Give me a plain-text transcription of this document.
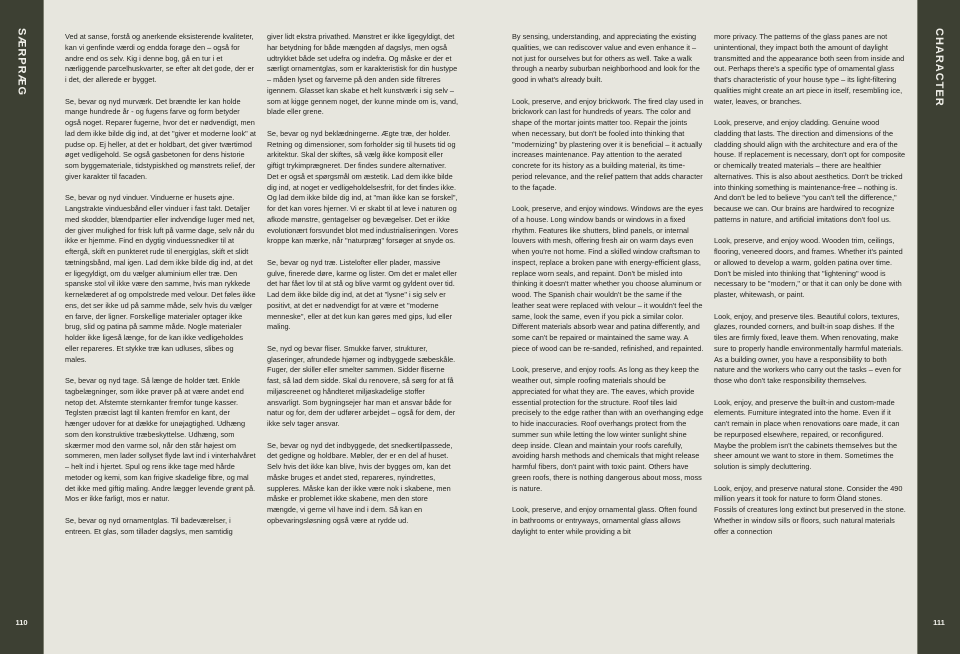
SÆRPRÆG
110

Ved at sanse, forstå og anerkende eksisterende kvaliteter, kan vi genfinde værdi og endda forøge den – også for andre end os selv. Kig i denne bog, gå en tur i et nærliggende parcelhuskvarter, se efter alt det gode, der er i det, der allerede er bygget.

Se, bevar og nyd murværk. Det brændte ler kan holde mange hundrede år - og fugens farve og form betyder også noget. Reparer fugerne, hvor det er nødvendigt, men lad dem ikke bilde dig ind, at det "giver et moderne look" at pudse op. Ej heller, at det er holdbart, det giver tværtimod øget vedligehold. Se også gasbetonen for dens historie som byggemateriale, tidstypiskhed og mønstrets relief, der giver karakter til facaden.

Se, bevar og nyd vinduer. Vinduerne er husets øjne. Langstrakte vinduesbånd eller vinduer i fast takt. Detaljer med skodder, blændpartier eller indvendige luger med net, der giver mulighed for frisk luft på varme dage, selv når du ikke er hjemme. Find en dygtig vinduessnedker til at eftergå, skift en punkteret rude til energiglas, skift et slidt tætningsbånd, mal igen. Lad dem ikke bilde dig ind, at det er ligegyldigt, om du vælger aluminium eller træ. Den spanske stol vil ikke være den samme, hvis man rykkede kernelæderet af og ompolstrede med velour. Det føles ikke ens, det ser ikke ud på samme måde, selv hvis du vælger en farve, der ligner. Forskellige materialer optager ikke brug, slid og patina på samme måde. Nogle materialer holder ikke ligeså længe, for de kan ikke vedligeholdes eller repareres. Et stykke træ kan udluses, slibes og males.

Se, bevar og nyd tage. Så længe de holder tæt. Enkle tagbelægninger, som ikke prøver på at være andet end netop det. Afstemte sternkanter fremfor tunge kasser. Teglsten præcist lagt til kanten fremfor en kant, der hænger udover for at dække for unøjagtighed. Udhæng som den konstruktive træbeskyttelse. Udhæng, som skærmer mod den varme sol, når den står højest om sommeren, men lader sollyset flyde lavt ind i vinterhalvåret – helt ind i hjertet. Spul og rens ikke tage med hårde metoder og kemi, som kan frigive skadelige fibre, og mal det ikke med giftig maling. Andre lægger levende grønt på. Mos er ikke farligt, mos er natur.

Se, bevar og nyd ornamentglas. Til badeværelser, i entreen. Et glas, som tillader dagslys, men samtidig

giver lidt ekstra privathed. Mønstret er ikke ligegyldigt, det har betydning for både mængden af dagslys, men også udtrykket både set udefra og indefra. Og måske er der et særligt ornamentglas, som er karakteristisk for din hustype – måden lyset og farverne på den anden side filtreres igennem. Glasset kan skabe et helt kunstværk i sig selv – som at kigge gennem noget, der kunne minde om is, vand, blade eller grene.

Se, bevar og nyd beklædningerne. Ægte træ, der holder. Retning og dimensioner, som forholder sig til husets tid og arkitektur. Skal der skiftes, så vælg ikke komposit eller giftigt trykimprægneret. Der findes sundere alternativer. Det er også et spørgsmål om æstetik. Lad dem ikke bilde dig ind, at noget er vedligeholdelsesfrit, for det findes ikke. Og lad dem ikke bilde dig ind, at "man ikke kan se forskel", for det kan vores hjerner. Vi er skabt til at leve i naturen og afkode mønstre, gentagelser og bevægelser. Det er ikke evolutionært forsvundet blot med industrialiseringen. Vores kroppe kan mærke, når "naturpræg" forsøger at snyde os.

Se, bevar og nyd træ. Listelofter eller plader, massive gulve, finerede døre, karme og lister. Om det er malet eller det har fået lov til at stå og blive varmt og gyldent over tid. Lad dem ikke bilde dig ind, at det at "lysne" i sig selv er positivt, at det er nødvendigt for at være et "moderne menneske", eller at det kun kan gøres med gips, lud eller maling.

Se, nyd og bevar fliser. Smukke farver, strukturer, glaseringer, afrundede hjørner og indbyggede sæbeskåle. Fuger, der skiller eller smelter sammen. Sidder fliserne fast, så lad dem sidde. Skal du renovere, så sørg for at få miljøscreenet og håndteret miljøskadelige stoffer ansvarligt. Som bygningsejer har man et ansvar både for natur og for, dem der udfører arbejdet – også for dem, der ikke selv tager ansvar.

Se, bevar og nyd det indbyggede, det snedkertilpassede, det gedigne og holdbare. Møbler, der er en del af huset. Selv hvis det ikke kan blive, hvis der bygges om, kan det måske bruges et andet sted, repareres, nyindrettes, suppleres. Måske kan der ikke være nok i skabene, men måske er problemet ikke skabene, men den store mængde, vi gerne vil have ind i dem. Så kan en opbevaringsløsning også være at rydde ud.

By sensing, understanding, and appreciating the existing qualities, we can rediscover value and even enhance it – not just for ourselves but for others as well. Take a walk through a nearby suburban neighborhood and look for the good in what's already built.

Look, preserve, and enjoy brickwork. The fired clay used in brickwork can last for hundreds of years. The color and shape of the mortar joints matter too. Repair the joints when necessary, but don't be fooled into thinking that "modernizing" by plastering over it is beneficial – it actually increases maintenance. Pay attention to the aerated concrete for its history as a building material, its time-period relevance, and the relief pattern that adds character to the façade.

Look, preserve, and enjoy windows. Windows are the eyes of a house. Long window bands or windows in a fixed rhythm. Features like shutters, blind panels, or internal louvers with mesh, offering fresh air on warm days even when you're not home. Find a skilled window craftsman to inspect, replace a broken pane with energy-efficient glass, replace worn seals, and repaint. Don't be misled into thinking it doesn't matter whether you choose aluminum or wood. The Spanish chair wouldn't be the same if the leather seat were replaced with velour – it wouldn't feel the same, look the same, even if you pick a similar color. Different materials absorb wear and patina differently, and some can't be repaired or maintained the same way. A piece of wood can be re-sanded, refinished, and repainted.

Look, preserve, and enjoy roofs. As long as they keep the weather out, simple roofing materials should be appreciated for what they are. The eaves, which provide essential protection for the structure. Roof tiles laid precisely to the edge rather than with an overhanging edge to hide inaccuracies. Roof overhangs protect from the summer sun while letting the low winter sunlight shine deep inside. Clean and maintain your roofs carefully, avoiding harsh methods and chemicals that might release harmful fibers, don't paint with toxic paint. Others have green roofs, there is nothing dangerous about moss, moss is nature.

Look, preserve, and enjoy ornamental glass. Often found in bathrooms or entryways, ornamental glass allows daylight to enter while providing a bit

more privacy. The patterns of the glass panes are not unintentional, they impact both the amount of daylight transmitted and the appearance both seen from inside and out. Perhaps there's a specific type of ornamental glass that's characteristic of your house type – its light-filtering qualities might create an art piece in itself, resembling ice, water, leaves, or branches.

Look, preserve, and enjoy cladding. Genuine wood cladding that lasts. The direction and dimensions of the cladding should align with the architecture and era of the house. If replacement is necessary, don't opt for composite or chemically treated materials – there are healthier alternatives. This is also about aesthetics. Don't be tricked into thinking something is maintenance-free – nothing is. And don't be led to believe "you can't tell the difference," because we can. Our brains are hardwired to recognize patterns in nature, and artificial imitations don't fool us.

Look, preserve, and enjoy wood. Wooden trim, ceilings, flooring, veneered doors, and frames. Whether it's painted or allowed to develop a warm, golden patina over time. Don't be misled into thinking that "lightening" wood is necessary to be "modern," or that it can only be done with plaster, whitewash, or paint.

Look, enjoy, and preserve tiles. Beautiful colors, textures, glazes, rounded corners, and built-in soap dishes. If the tiles are firmly fixed, leave them. When renovating, make sure to properly handle environmentally harmful materials. As a building owner, you have a responsibility to both nature and the workers who carry out the tasks – even for those who don't take responsibility themselves.

Look, enjoy, and preserve the built-in and custom-made elements. Furniture integrated into the home. Even if it can't remain in place when renovations oare made, it can be repurposed elsewhere, repaired, or reconfigured. Maybe the problem isn't the cabinets themselves but the sheer amount we want to store in them. Sometimes the solution is simply decluttering.

Look, enjoy, and preserve natural stone. Consider the 490 million years it took for nature to form Öland stones. Fossils of creatures long extinct but preserved in the stone. Whether in window sills or floors, such natural materials offer a connection

CHARACTER
111
